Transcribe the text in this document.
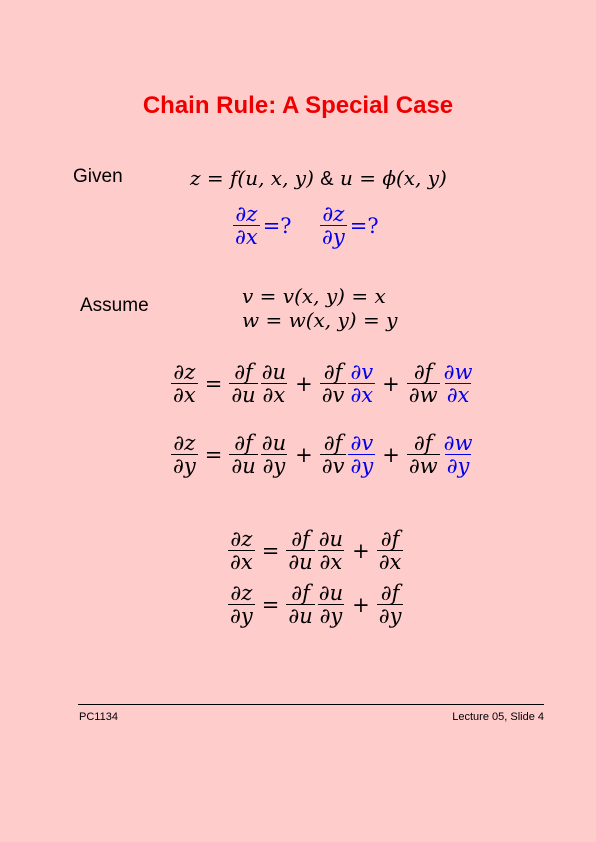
Chain Rule: A Special Case
Given	z = f(u, x, y) & u = ϕ(x, y)
$\frac{\partial z}{\partial x}$ =? $\frac{\partial z}{\partial y}$ =?
Assume	v = v(x, y) = x
w = w(x, y) = y
$\frac{\partial z}{\partial x} = \frac{\partial f}{\partial u} \frac{\partial u}{\partial x} + \frac{\partial f}{\partial v} \frac{\partial v}{\partial x} + \frac{\partial f}{\partial w} \frac{\partial w}{\partial x}$
$\frac{\partial z}{\partial y} = \frac{\partial f}{\partial u} \frac{\partial u}{\partial y} + \frac{\partial f}{\partial v} \frac{\partial v}{\partial y} + \frac{\partial f}{\partial w} \frac{\partial w}{\partial y}$
$\frac{\partial z}{\partial x} = \frac{\partial f}{\partial u} \frac{\partial u}{\partial x} + \frac{\partial f}{\partial x}$
$\frac{\partial z}{\partial y} = \frac{\partial f}{\partial u} \frac{\partial u}{\partial y} + \frac{\partial f}{\partial y}$
PC1134	Lecture 05, Slide 4
